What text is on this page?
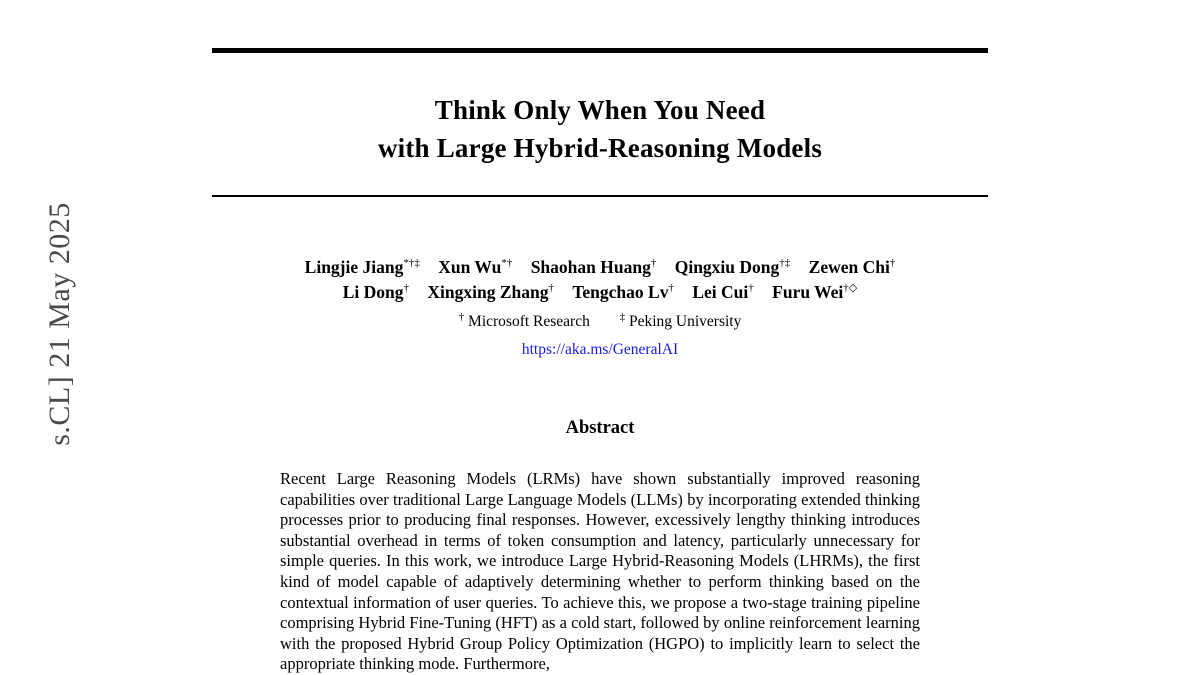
s.CL] 21 May 2025
Think Only When You Need
with Large Hybrid-Reasoning Models
Lingjie Jiang*†‡ Xun Wu*† Shaohan Huang† Qingxiu Dong†‡ Zewen Chi†
Li Dong† Xingxing Zhang† Tengchao Lv† Lei Cui† Furu Wei†◇
† Microsoft Research	‡ Peking University
https://aka.ms/GeneralAI
Abstract

Recent Large Reasoning Models (LRMs) have shown substantially improved reasoning capabilities over traditional Large Language Models (LLMs) by incorporating extended thinking processes prior to producing final responses. However, excessively lengthy thinking introduces substantial overhead in terms of token consumption and latency, particularly unnecessary for simple queries. In this work, we introduce Large Hybrid-Reasoning Models (LHRMs), the first kind of model capable of adaptively determining whether to perform thinking based on the contextual information of user queries. To achieve this, we propose a two-stage training pipeline comprising Hybrid Fine-Tuning (HFT) as a cold start, followed by online reinforcement learning with the proposed Hybrid Group Policy Optimization (HGPO) to implicitly learn to select the appropriate thinking mode. Furthermore,
